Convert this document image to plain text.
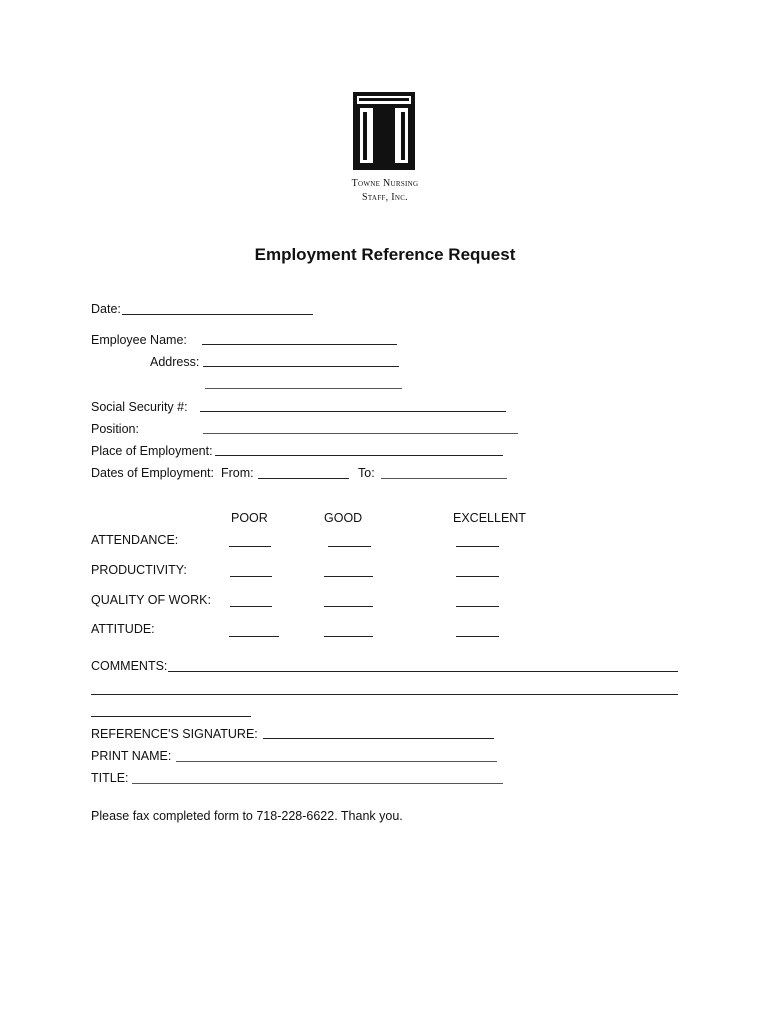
Towne Nursing
Staff, Inc.
Employment Reference Request
Date:
Employee Name:
Address:
Social Security #:
Position:
Place of Employment:
Dates of Employment: From:	To:
POOR	GOOD	EXCELLENT
ATTENDANCE:
PRODUCTIVITY:
QUALITY OF WORK:
ATTITUDE:
COMMENTS:
REFERENCE'S SIGNATURE:
PRINT NAME:
TITLE:
Please fax completed form to 718-228-6622. Thank you.
